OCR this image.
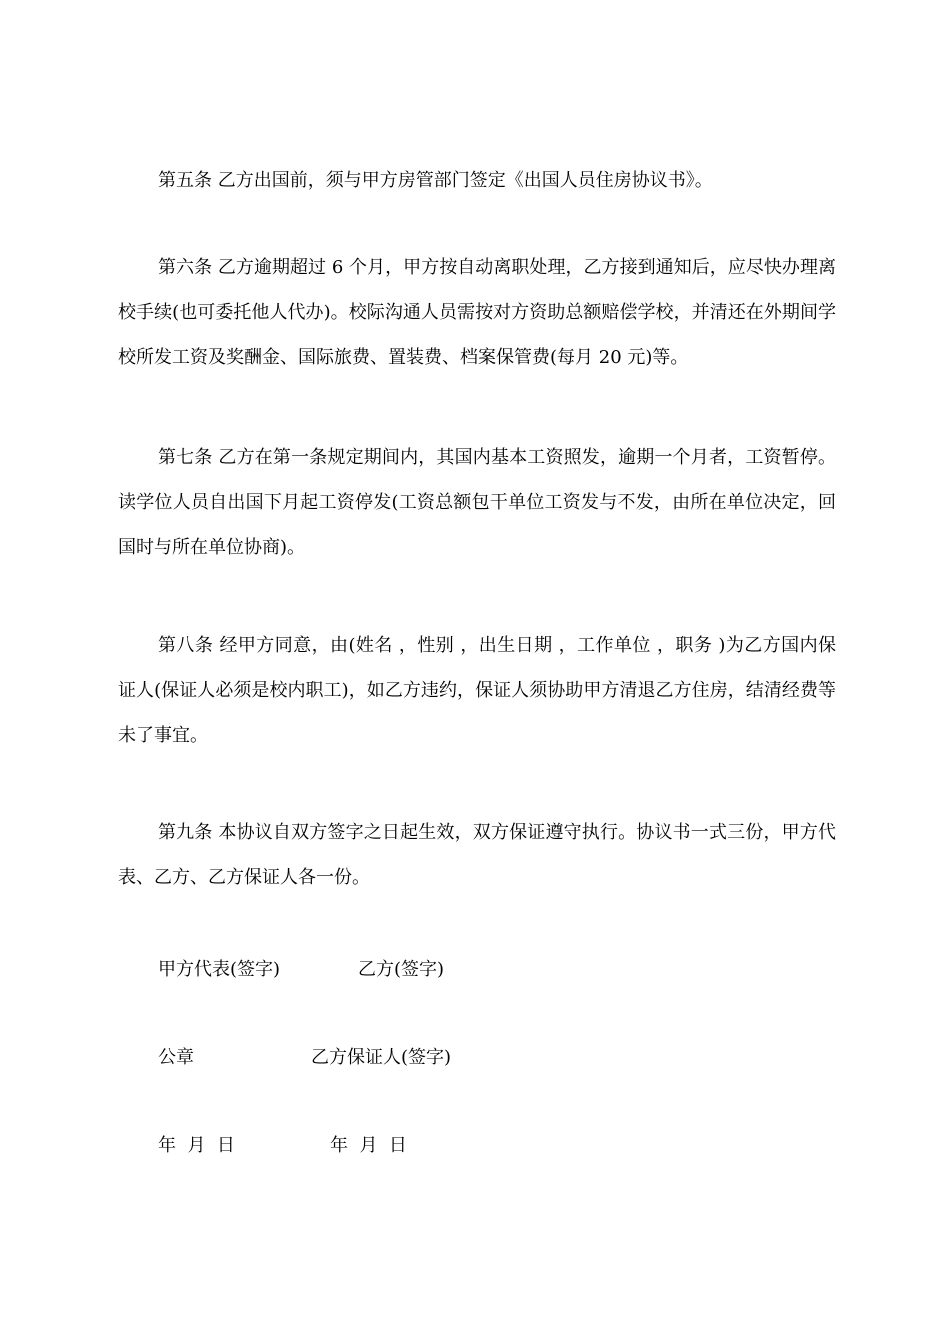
第五条 乙方出国前，须与甲方房管部门签定《出国人员住房协议书》。

第六条 乙方逾期超过 6 个月，甲方按自动离职处理，乙方接到通知后，应尽快办理离校手续(也可委托他人代办)。校际沟通人员需按对方资助总额赔偿学校，并清还在外期间学校所发工资及奖酬金、国际旅费、置装费、档案保管费(每月 20 元)等。

第七条 乙方在第一条规定期间内，其国内基本工资照发，逾期一个月者，工资暂停。读学位人员自出国下月起工资停发(工资总额包干单位工资发与不发，由所在单位决定，回国时与所在单位协商)。

第八条 经甲方同意，由(姓名 ，性别 ，出生日期 ，工作单位 ，职务 )为乙方国内保证人(保证人必须是校内职工)，如乙方违约，保证人须协助甲方清退乙方住房，结清经费等未了事宜。

第九条 本协议自双方签字之日起生效，双方保证遵守执行。协议书一式三份，甲方代表、乙方、乙方保证人各一份。

甲方代表(签字)

	乙方(签字)

公章

	乙方保证人(签字)

年  月  日

	年  月  日
